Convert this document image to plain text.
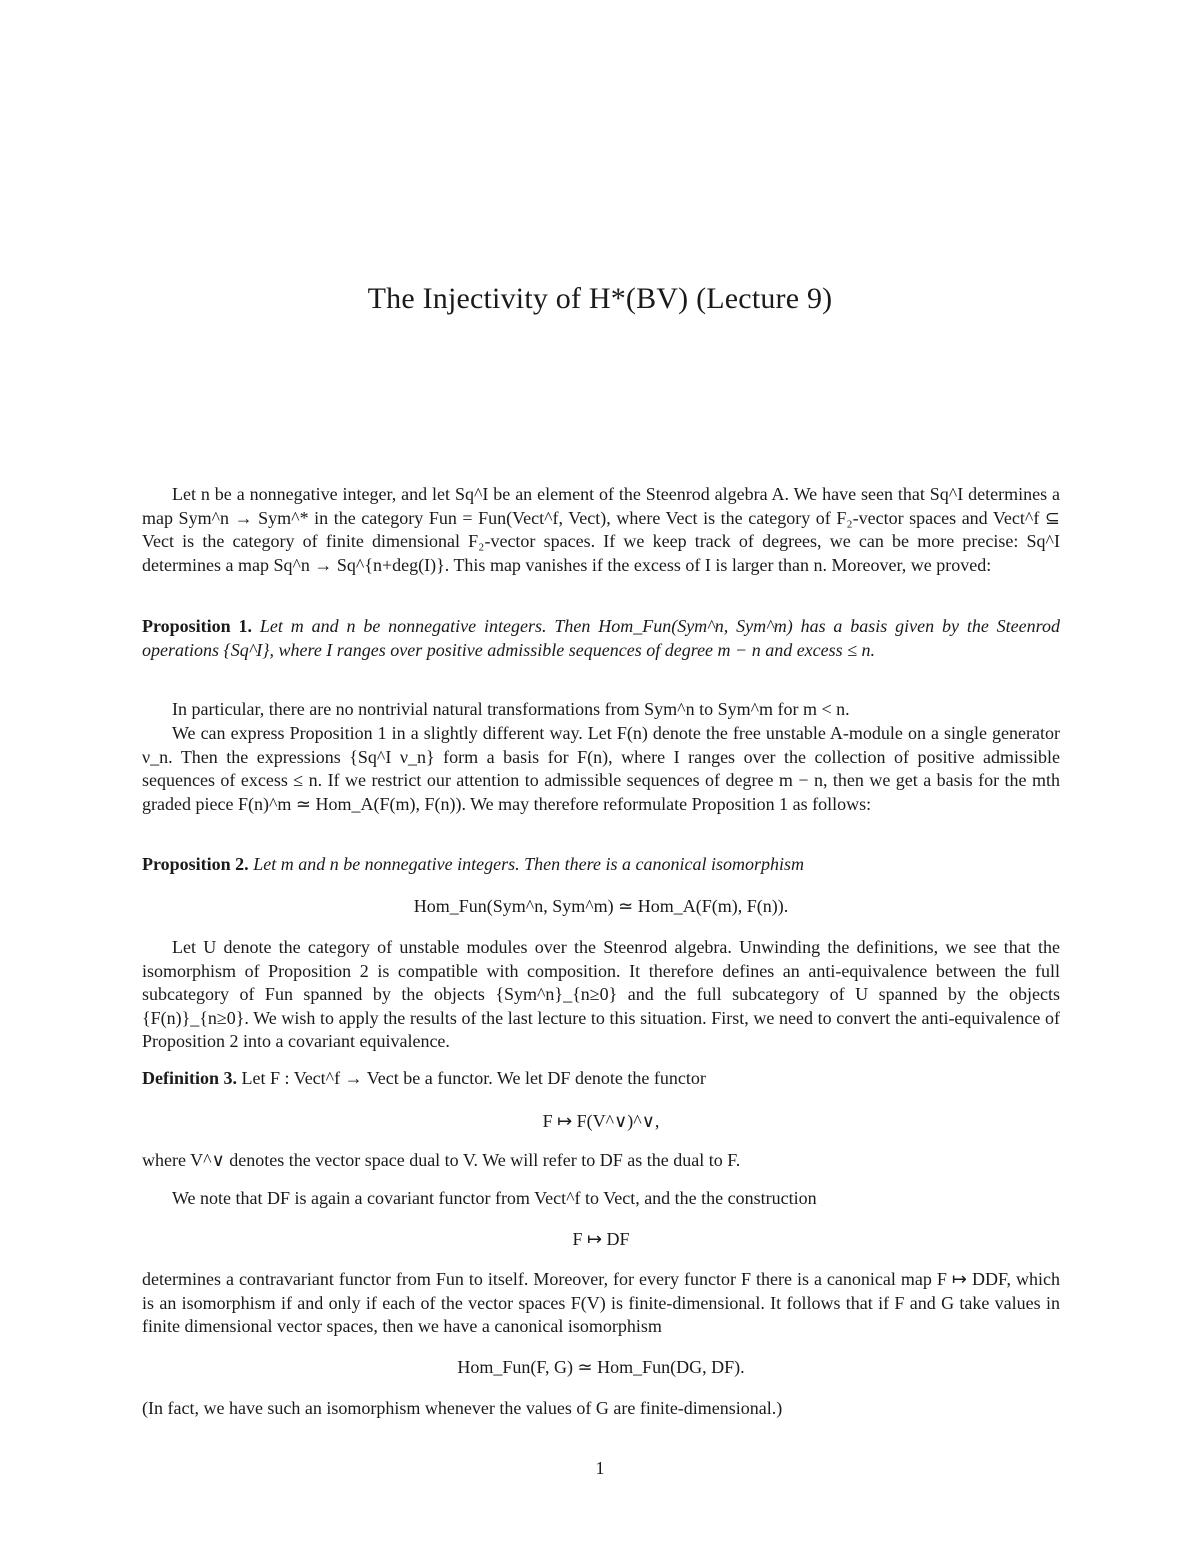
The Injectivity of H*(BV) (Lecture 9)

Let n be a nonnegative integer, and let Sq^I be an element of the Steenrod algebra A. We have seen that Sq^I determines a map Sym^n → Sym^* in the category Fun = Fun(Vect^f, Vect), where Vect is the category of F₂-vector spaces and Vect^f ⊆ Vect is the category of finite dimensional F₂-vector spaces. If we keep track of degrees, we can be more precise: Sq^I determines a map Sq^n → Sq^{n+deg(I)}. This map vanishes if the excess of I is larger than n. Moreover, we proved:

Proposition 1. Let m and n be nonnegative integers. Then Hom_Fun(Sym^n, Sym^m) has a basis given by the Steenrod operations {Sq^I}, where I ranges over positive admissible sequences of degree m − n and excess ≤ n.

In particular, there are no nontrivial natural transformations from Sym^n to Sym^m for m < n.

We can express Proposition 1 in a slightly different way. Let F(n) denote the free unstable A-module on a single generator ν_n. Then the expressions {Sq^I ν_n} form a basis for F(n), where I ranges over the collection of positive admissible sequences of excess ≤ n. If we restrict our attention to admissible sequences of degree m − n, then we get a basis for the mth graded piece F(n)^m ≃ Hom_A(F(m), F(n)). We may therefore reformulate Proposition 1 as follows:

Proposition 2. Let m and n be nonnegative integers. Then there is a canonical isomorphism

Hom_Fun(Sym^n, Sym^m) ≃ Hom_A(F(m), F(n)).

Let U denote the category of unstable modules over the Steenrod algebra. Unwinding the definitions, we see that the isomorphism of Proposition 2 is compatible with composition. It therefore defines an anti-equivalence between the full subcategory of Fun spanned by the objects {Sym^n}_{n≥0} and the full subcategory of U spanned by the objects {F(n)}_{n≥0}. We wish to apply the results of the last lecture to this situation. First, we need to convert the anti-equivalence of Proposition 2 into a covariant equivalence.

Definition 3. Let F : Vect^f → Vect be a functor. We let DF denote the functor

F ↦ F(V^∨)^∨,

where V^∨ denotes the vector space dual to V. We will refer to DF as the dual to F.

We note that DF is again a covariant functor from Vect^f to Vect, and the the construction

F ↦ DF

determines a contravariant functor from Fun to itself. Moreover, for every functor F there is a canonical map F ↦ DDF, which is an isomorphism if and only if each of the vector spaces F(V) is finite-dimensional. It follows that if F and G take values in finite dimensional vector spaces, then we have a canonical isomorphism

Hom_Fun(F, G) ≃ Hom_Fun(DG, DF).

(In fact, we have such an isomorphism whenever the values of G are finite-dimensional.)

1
